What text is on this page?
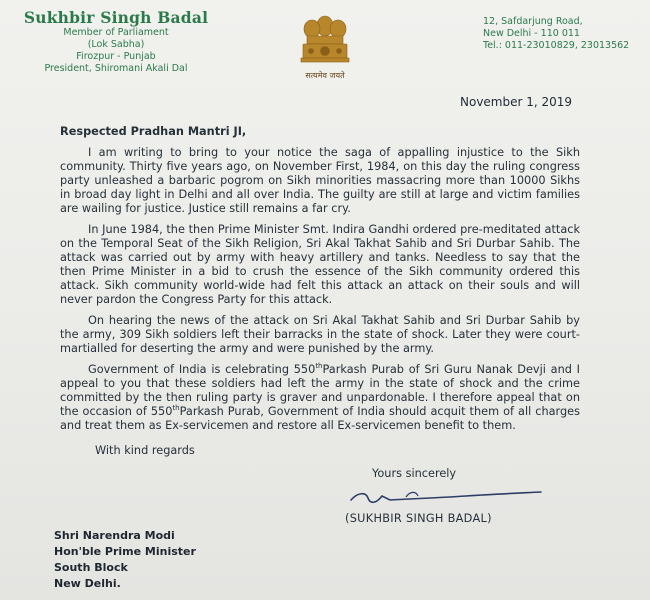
Sukhbir Singh Badal
Member of Parliament
(Lok Sabha)
Firozpur - Punjab
President, Shiromani Akali Dal
सत्यमेव जयते
12, Safdarjung Road,
New Delhi - 110 011
Tel.: 011-23010829, 23013562
November 1, 2019

Respected Pradhan Mantri JI,

I am writing to bring to your notice the saga of appalling injustice to the Sikh community. Thirty five years ago, on November First, 1984, on this day the ruling congress party unleashed a barbaric pogrom on Sikh minorities massacring more than 10000 Sikhs in broad day light in Delhi and all over India. The guilty are still at large and victim families are wailing for justice. Justice still remains a far cry.

In June 1984, the then Prime Minister Smt. Indira Gandhi ordered pre-meditated attack on the Temporal Seat of the Sikh Religion, Sri Akal Takhat Sahib and Sri Durbar Sahib. The attack was carried out by army with heavy artillery and tanks. Needless to say that the then Prime Minister in a bid to crush the essence of the Sikh community ordered this attack. Sikh community world-wide had felt this attack an attack on their souls and will never pardon the Congress Party for this attack.

On hearing the news of the attack on Sri Akal Takhat Sahib and Sri Durbar Sahib by the army, 309 Sikh soldiers left their barracks in the state of shock. Later they were court-martialled for deserting the army and were punished by the army.

Government of India is celebrating 550thParkash Purab of Sri Guru Nanak Devji and I appeal to you that these soldiers had left the army in the state of shock and the crime committed by the then ruling party is graver and unpardonable. I therefore appeal that on the occasion of 550thParkash Purab, Government of India should acquit them of all charges and treat them as Ex-servicemen and restore all Ex-servicemen benefit to them.

With kind regards
Yours sincerely
(SUKHBIR SINGH BADAL)
Shri Narendra Modi
Hon'ble Prime Minister
South Block
New Delhi.
